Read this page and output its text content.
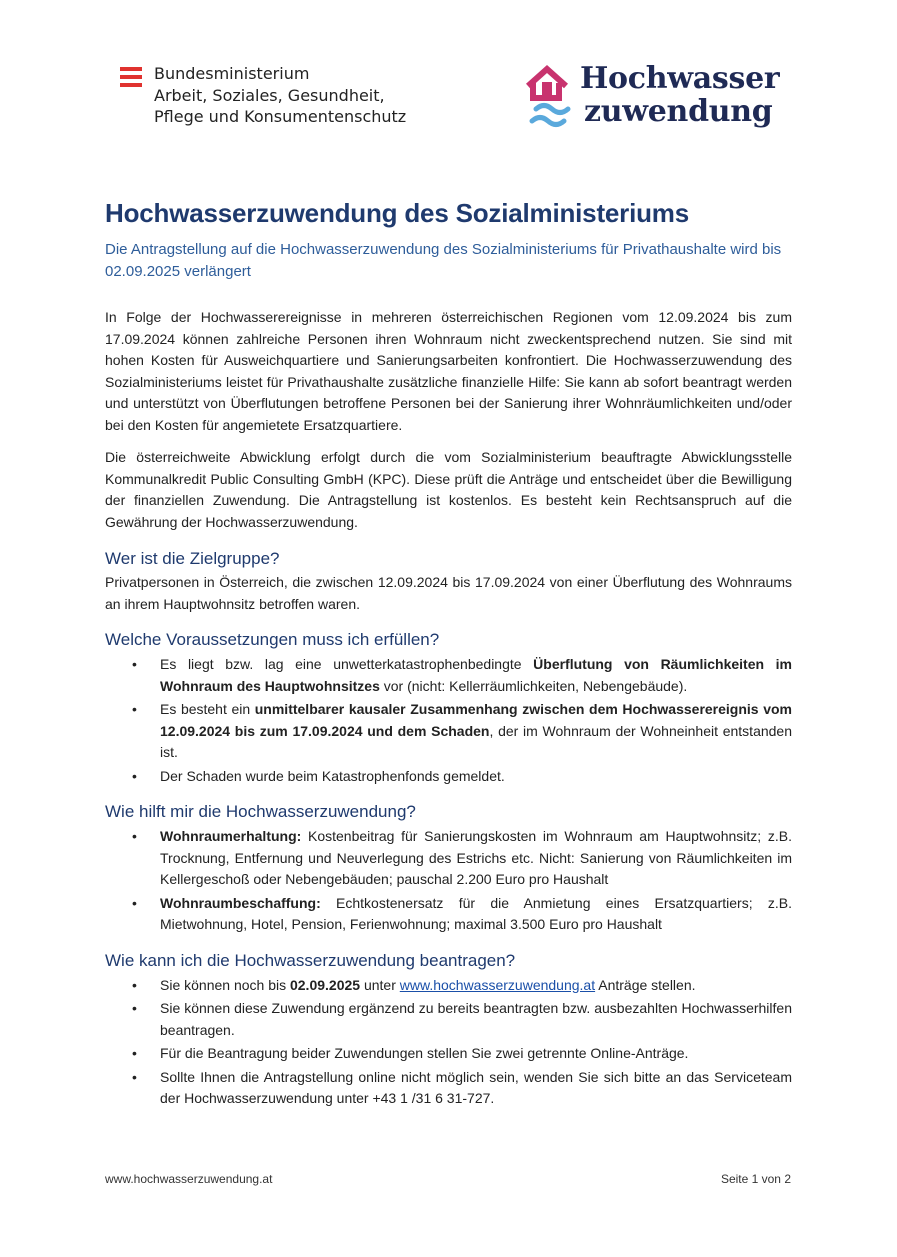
Bundesministerium
Arbeit, Soziales, Gesundheit,
Pflege und Konsumentenschutz
Hochwasser
zuwendung
Hochwasserzuwendung des Sozialministeriums
Die Antragstellung auf die Hochwasserzuwendung des Sozialministeriums für Privathaushalte wird bis 02.09.2025 verlängert

In Folge der Hochwasserereignisse in mehreren österreichischen Regionen vom 12.09.2024 bis zum 17.09.2024 können zahlreiche Personen ihren Wohnraum nicht zweckentsprechend nutzen. Sie sind mit hohen Kosten für Ausweichquartiere und Sanierungsarbeiten konfrontiert. Die Hochwasserzuwendung des Sozialministeriums leistet für Privathaushalte zusätzliche finanzielle Hilfe: Sie kann ab sofort beantragt werden und unterstützt von Überflutungen betroffene Personen bei der Sanierung ihrer Wohnräumlichkeiten und/oder bei den Kosten für angemietete Ersatzquartiere.

Die österreichweite Abwicklung erfolgt durch die vom Sozialministerium beauftragte Abwicklungsstelle Kommunalkredit Public Consulting GmbH (KPC). Diese prüft die Anträge und entscheidet über die Bewilligung der finanziellen Zuwendung. Die Antragstellung ist kostenlos. Es besteht kein Rechtsanspruch auf die Gewährung der Hochwasserzuwendung.

Wer ist die Zielgruppe?

Privatpersonen in Österreich, die zwischen 12.09.2024 bis 17.09.2024 von einer Überflutung des Wohnraums an ihrem Hauptwohnsitz betroffen waren.

Welche Voraussetzungen muss ich erfüllen?
• Es liegt bzw. lag eine unwetterkatastrophenbedingte Überflutung von Räumlichkeiten im Wohnraum des Hauptwohnsitzes vor (nicht: Kellerräumlichkeiten, Nebengebäude).
• Es besteht ein unmittelbarer kausaler Zusammenhang zwischen dem Hochwasserereignis vom 12.09.2024 bis zum 17.09.2024 und dem Schaden, der im Wohnraum der Wohneinheit entstanden ist.
• Der Schaden wurde beim Katastrophenfonds gemeldet.
Wie hilft mir die Hochwasserzuwendung?
• Wohnraumerhaltung: Kostenbeitrag für Sanierungskosten im Wohnraum am Hauptwohnsitz; z.B. Trocknung, Entfernung und Neuverlegung des Estrichs etc. Nicht: Sanierung von Räumlichkeiten im Kellergeschoß oder Nebengebäuden; pauschal 2.200 Euro pro Haushalt
• Wohnraumbeschaffung: Echtkostenersatz für die Anmietung eines Ersatzquartiers; z.B. Mietwohnung, Hotel, Pension, Ferienwohnung; maximal 3.500 Euro pro Haushalt
Wie kann ich die Hochwasserzuwendung beantragen?
• Sie können noch bis 02.09.2025 unter www.hochwasserzuwendung.at Anträge stellen.
• Sie können diese Zuwendung ergänzend zu bereits beantragten bzw. ausbezahlten Hochwasserhilfen beantragen.
• Für die Beantragung beider Zuwendungen stellen Sie zwei getrennte Online-Anträge.
• Sollte Ihnen die Antragstellung online nicht möglich sein, wenden Sie sich bitte an das Serviceteam der Hochwasserzuwendung unter +43 1 /31 6 31-727.
www.hochwasserzuwendung.at	Seite 1 von 2
